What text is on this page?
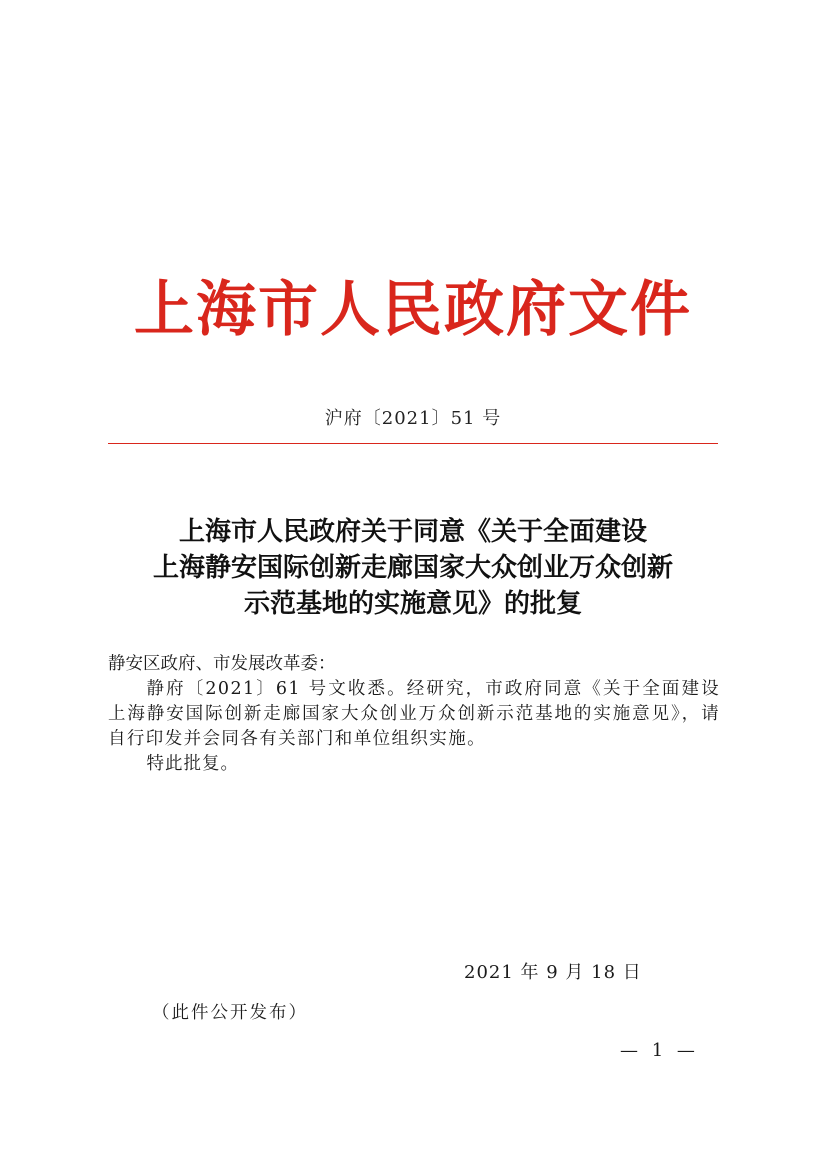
上海市人民政府文件
沪府〔2021〕51 号
上海市人民政府关于同意《关于全面建设
上海静安国际创新走廊国家大众创业万众创新
示范基地的实施意见》的批复

静安区政府、市发展改革委：

静府〔2021〕61 号文收悉。经研究，市政府同意《关于全面建设上海静安国际创新走廊国家大众创业万众创新示范基地的实施意见》，请自行印发并会同各有关部门和单位组织实施。

特此批复。

2021 年 9 月 18 日
（此件公开发布）
— 1 —
